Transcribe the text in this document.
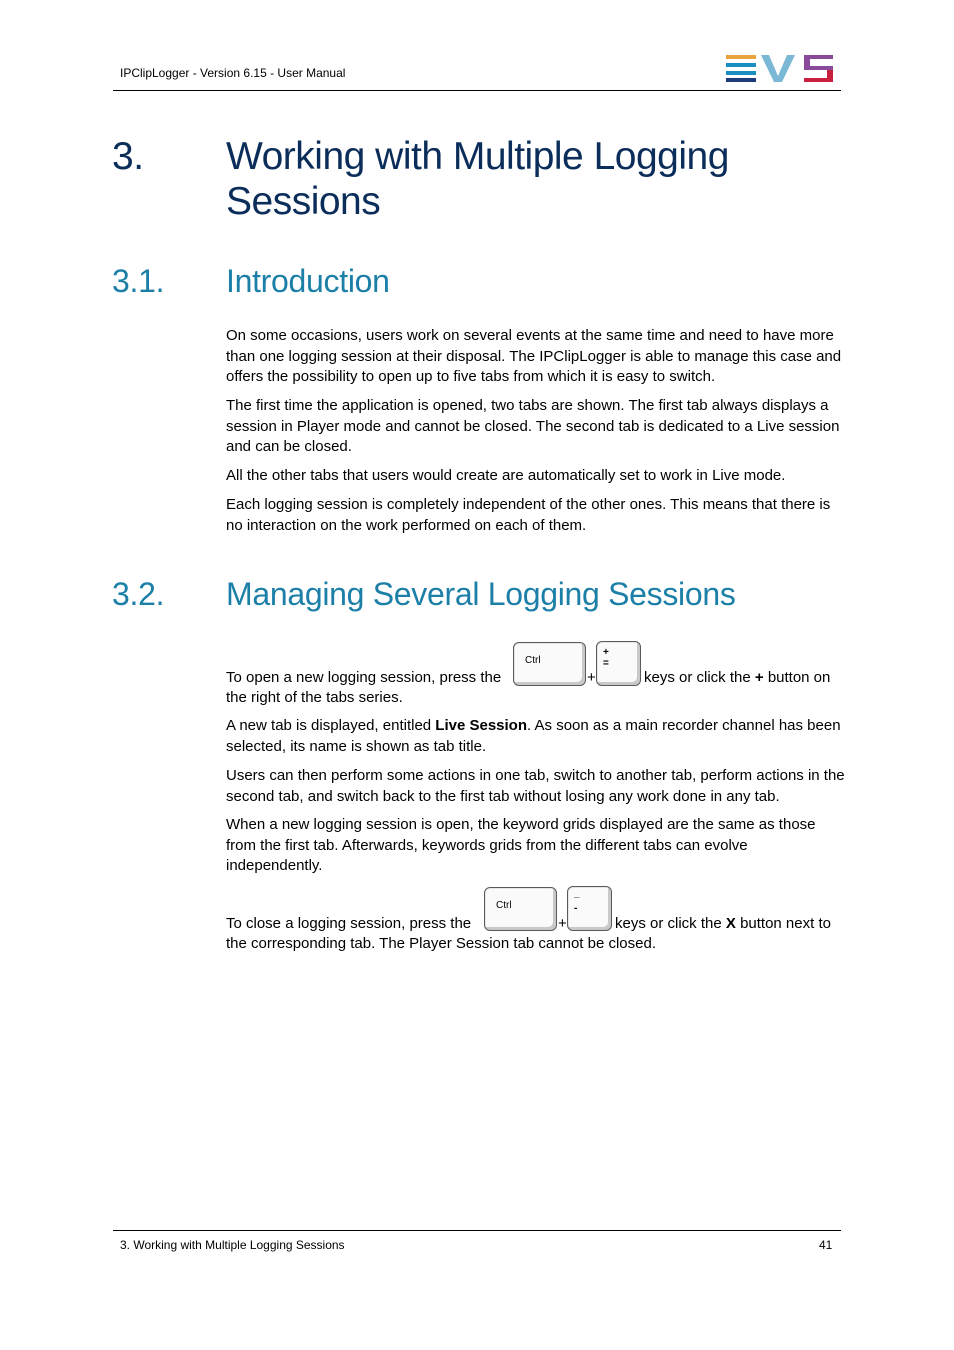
IPClipLogger - Version 6.15 - User Manual
3. Working with Multiple Logging Sessions
3.1. Introduction

On some occasions, users work on several events at the same time and need to have more than one logging session at their disposal. The IPClipLogger is able to manage this case and offers the possibility to open up to five tabs from which it is easy to switch.

The first time the application is opened, two tabs are shown. The first tab always displays a session in Player mode and cannot be closed. The second tab is dedicated to a Live session and can be closed.

All the other tabs that users would create are automatically set to work in Live mode.

Each logging session is completely independent of the other ones. This means that there is no interaction on the work performed on each of them.

3.2. Managing Several Logging Sessions
To open a new logging session, press the
Ctrl
+
+
=
keys or click the + button on
the right of the tabs series.

A new tab is displayed, entitled Live Session. As soon as a main recorder channel has been selected, its name is shown as tab title.

Users can then perform some actions in one tab, switch to another tab, perform actions in the second tab, and switch back to the first tab without losing any work done in any tab.

When a new logging session is open, the keyword grids displayed are the same as those from the first tab. Afterwards, keywords grids from the different tabs can evolve independently.

To close a logging session, press the
Ctrl
+
_
-
keys or click the X button next to
the corresponding tab. The Player Session tab cannot be closed.
3. Working with Multiple Logging Sessions	41
